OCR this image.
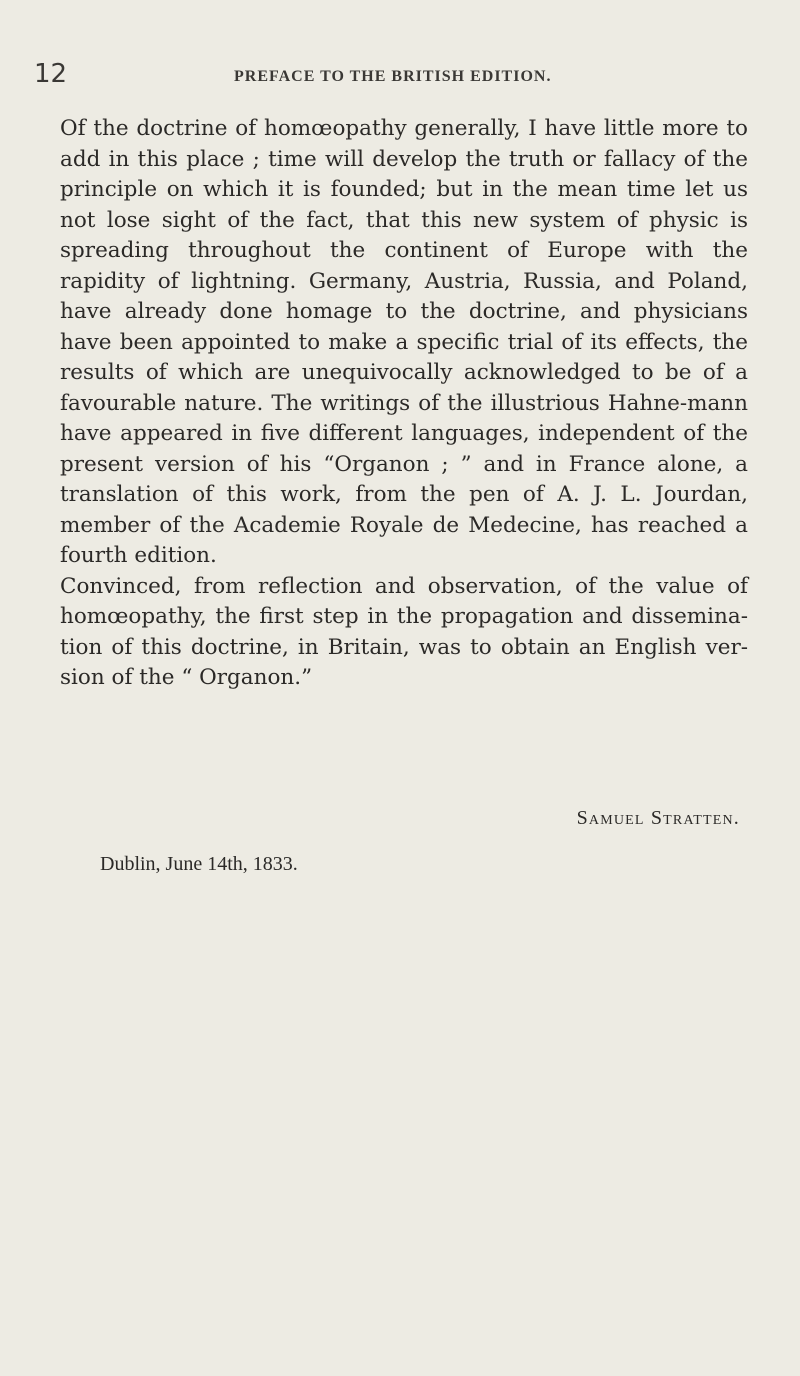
12	PREFACE TO THE BRITISH EDITION.

Of the doctrine of homœopathy generally, I have little more to add in this place ; time will develop the truth or fallacy of the principle on which it is founded; but in the mean time let us not lose sight of the fact, that this new system of physic is spreading throughout the continent of Europe with the rapidity of lightning. Germany, Austria, Russia, and Poland, have already done homage to the doctrine, and physicians have been appointed to make a specific trial of its effects, the results of which are unequivocally acknowledged to be of a favourable nature. The writings of the illustrious Hahne-mann have appeared in five different languages, independent of the present version of his “Organon ; ” and in France alone, a translation of this work, from the pen of A. J. L. Jourdan, member of the Academie Royale de Medecine, has reached a fourth edition.

Convinced, from reflection and observation, of the value of homœopathy, the first step in the propagation and dissemina-tion of this doctrine, in Britain, was to obtain an English ver-sion of the “ Organon.”

Samuel Stratten.
Dublin, June 14th, 1833.
